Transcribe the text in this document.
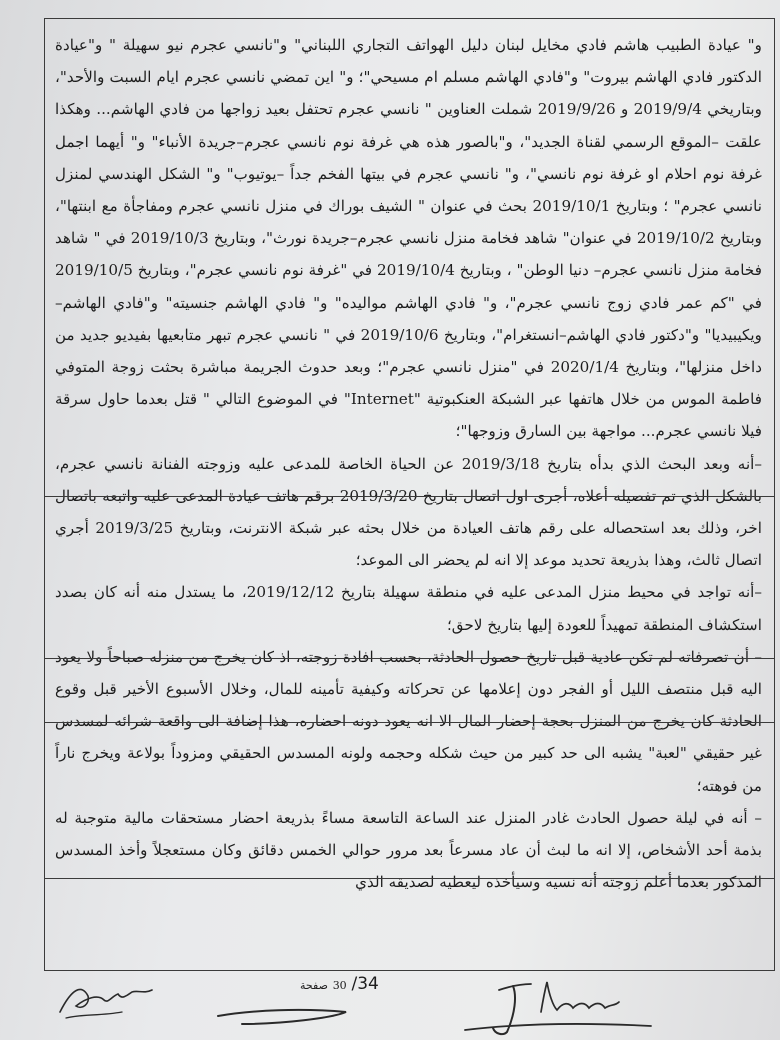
و" عيادة الطبيب هاشم فادي مخايل لبنان دليل الهواتف التجاري اللبناني" و"نانسي عجرم نيو سهيلة " و"عيادة الدكتور فادي الهاشم بيروت" و"فادي الهاشم مسلم ام مسيحي"؛ و" اين تمضي نانسي عجرم ايام السبت والأحد"، وبتاريخي 2019/9/4 و 2019/9/26 شملت العناوين " نانسي عجرم تحتفل بعيد زواجها من فادي الهاشم... وهكذا علقت –الموقع الرسمي لقناة الجديد"، و"بالصور هذه هي غرفة نوم نانسي عجرم–جريدة الأنباء" و" أيهما اجمل غرفة نوم احلام او غرفة نوم نانسي"، و" نانسي عجرم في بيتها الفخم جداً –يوتيوب" و" الشكل الهندسي لمنزل نانسي عجرم" ؛ وبتاريخ 2019/10/1 بحث في عنوان " الشيف بوراك في منزل نانسي عجرم ومفاجأة مع ابنتها"، وبتاريخ 2019/10/2 في عنوان" شاهد فخامة منزل نانسي عجرم–جريدة نورث"، وبتاريخ 2019/10/3 في " شاهد فخامة منزل نانسي عجرم– دنيا الوطن" ، وبتاريخ 2019/10/4 في "غرفة نوم نانسي عجرم"، وبتاريخ 2019/10/5 في "كم عمر فادي زوج نانسي عجرم"، و" فادي الهاشم مواليده" و" فادي الهاشم جنسيته" و"فادي الهاشم– ويكيبيديا" و"دكتور فادي الهاشم–انستغرام"، وبتاريخ 2019/10/6 في " نانسي عجرم تبهر متابعيها بفيديو جديد من داخل منزلها"، وبتاريخ 2020/1/4 في "منزل نانسي عجرم"؛ وبعد حدوث الجريمة مباشرة بحثت زوجة المتوفي فاطمة الموس من خلال هاتفها عبر الشبكة العنكبوتية "Internet" في الموضوع التالي " قتل بعدما حاول سرقة فيلا نانسي عجرم... مواجهة بين السارق وزوجها"؛

–أنه وبعد البحث الذي بدأه بتاريخ 2019/3/18 عن الحياة الخاصة للمدعى عليه وزوجته الفنانة نانسي عجرم، بالشكل الذي تم تفصيله أعلاه، أجرى اول اتصال بتاريخ 2019/3/20 برقم هاتف عيادة المدعى عليه واتبعه باتصال اخر، وذلك بعد استحصاله على رقم هاتف العيادة من خلال بحثه عبر شبكة الانترنت، وبتاريخ 2019/3/25 أجري اتصال ثالث، وهذا بذريعة تحديد موعد إلا انه لم يحضر الى الموعد؛

–أنه تواجد في محيط منزل المدعى عليه في منطقة سهيلة بتاريخ 2019/12/12، ما يستدل منه أنه كان بصدد استكشاف المنطقة تمهيداً للعودة إليها بتاريخ لاحق؛

– أن تصرفاته لم تكن عادية قبل تاريخ حصول الحادثة، بحسب افادة زوجته، اذ كان يخرج من منزله صباحاً ولا يعود اليه قبل منتصف الليل أو الفجر دون إعلامها عن تحركاته وكيفية تأمينه للمال، وخلال الأسبوع الأخير قبل وقوع الحادثة كان يخرج من المنزل بحجة إحضار المال الا انه يعود دونه احضاره، هذا إضافة الى واقعة شرائه لمسدس غير حقيقي "لعبة" يشبه الى حد كبير من حيث شكله وحجمه ولونه المسدس الحقيقي ومزوداً بولاعة ويخرج ناراً من فوهته؛

– أنه في ليلة حصول الحادث غادر المنزل عند الساعة التاسعة مساءً بذريعة احضار مستحقات مالية متوجبة له بذمة أحد الأشخاص، إلا انه ما لبث أن عاد مسرعاً بعد مرور حوالي الخمس دقائق وكان مستعجلاً وأخذ المسدس المذكور بعدما أعلم زوجته أنه نسيه وسيأخذه ليعطيه لصديقه الذي

34/ 30 صفحة
